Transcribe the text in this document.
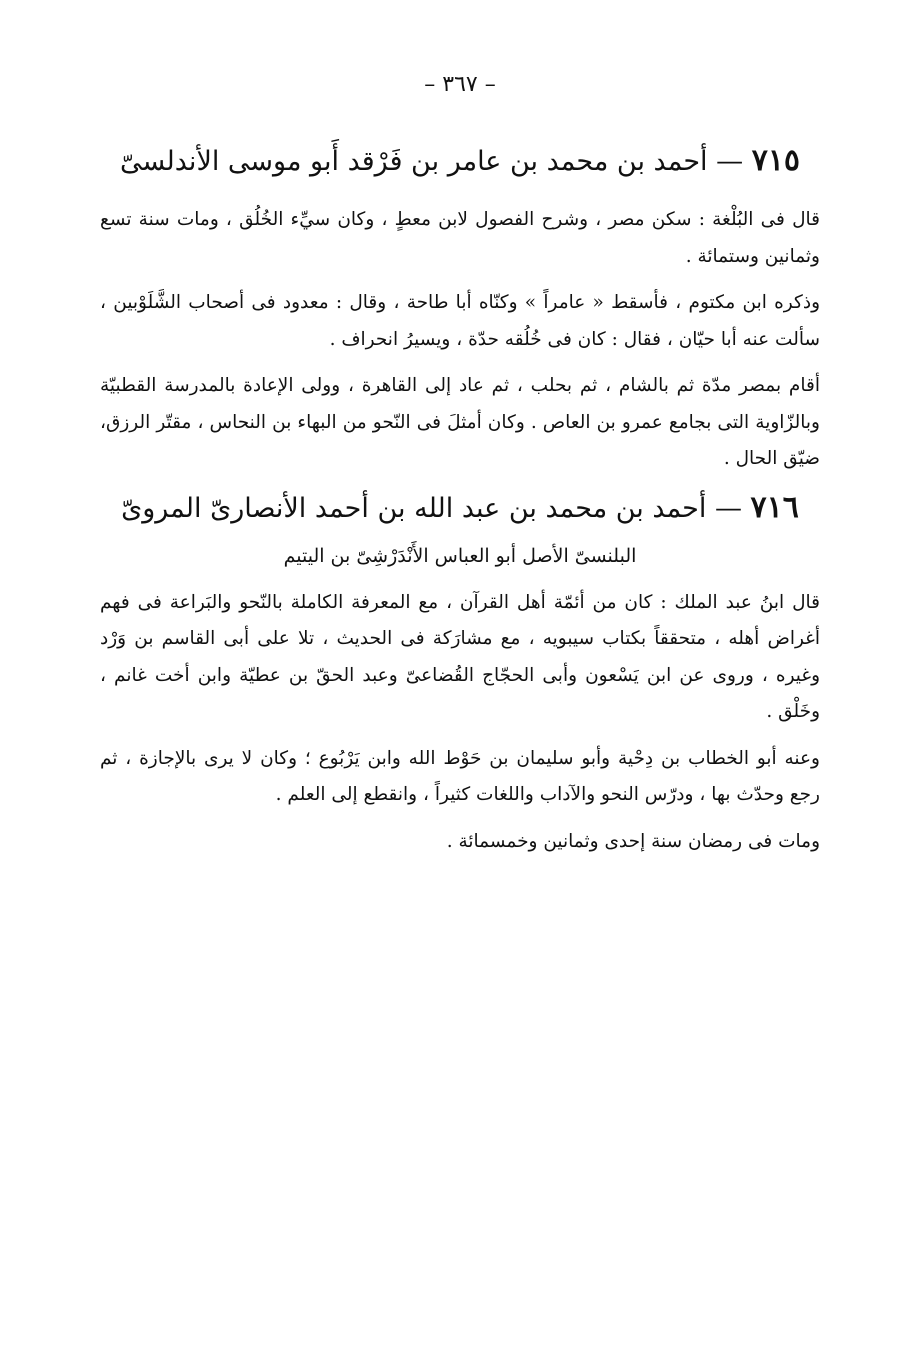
– ٣٦٧ –
٧١٥ — أحمد بن محمد بن عامر بن فَرْقد أَبو موسى الأندلسىّ

قال فى البُلْغة : سكن مصر ، وشرح الفصول لابن معطٍ ، وكان سيِّء الخُلُق ، ومات سنة تسع وثمانين وستمائة .

وذكره ابن مكتوم ، فأسقط « عامراً » وكنّاه أبا طاحة ، وقال : معدود فى أصحاب الشَّلَوْبين ، سألت عنه أبا حيّان ، فقال : كان فى خُلُقه حدّة ، ويسيرُ انحراف .

أقام بمصر مدّة ثم بالشام ، ثم بحلب ، ثم عاد إلى القاهرة ، وولى الإعادة بالمدرسة القطبيّة وبالزّاوية التى بجامع عمرو بن العاص . وكان أمثلَ فى النّحو من البهاء بن النحاس ، مقتّر الرزق، ضيّق الحال .

٧١٦ — أحمد بن محمد بن عبد الله بن أحمد الأنصارىّ المروىّ
البلنسىّ الأصل أبو العباس الأَنْدَرْشِىّ بن اليتيم

قال ابنُ عبد الملك : كان من أئمّة أهل القرآن ، مع المعرفة الكاملة بالنّحو والبَراعة فى فهم أغراض أهله ، متحققاً بكتاب سيبويه ، مع مشارَكة فى الحديث ، تلا على أبى القاسم بن وَرْد وغيره ، وروى عن ابن يَسْعون وأبى الحجّاج القُضاعىّ وعبد الحقّ بن عطيّة وابن أخت غانم ، وخَلْق .

وعنه أبو الخطاب بن دِحْية وأبو سليمان بن حَوْط الله وابن يَرْبُوع ؛ وكان لا يرى بالإجازة ، ثم رجع وحدّث بها ، ودرّس النحو والآداب واللغات كثيراً ، وانقطع إلى العلم .

ومات فى رمضان سنة إحدى وثمانين وخمسمائة .
